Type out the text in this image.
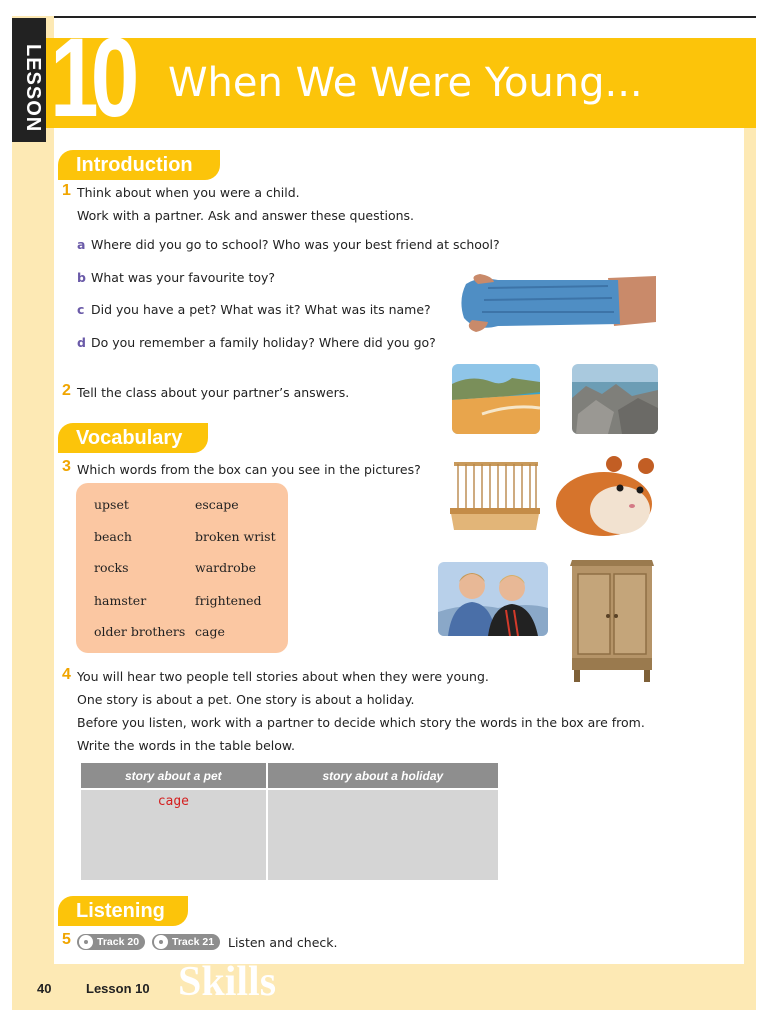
LESSON 10 When We Were Young...
Introduction
1 Think about when you were a child.
Work with a partner. Ask and answer these questions.
a Where did you go to school? Who was your best friend at school?
b What was your favourite toy?
c Did you have a pet? What was it? What was its name?
d Do you remember a family holiday? Where did you go?
2 Tell the class about your partner’s answers.
Vocabulary
3 Which words from the box can you see in the pictures?
upset
beach
rocks
hamster
older brothers
escape
broken wrist
wardrobe
frightened
cage
4 You will hear two people tell stories about when they were young.
One story is about a pet. One story is about a holiday.
Before you listen, work with a partner to decide which story the words in the box are from.
Write the words in the table below.
story about a pet	story about a holiday
cage	
Listening
5	Track 20	Track 21	Listen and check.
40	Lesson 10 Skills
